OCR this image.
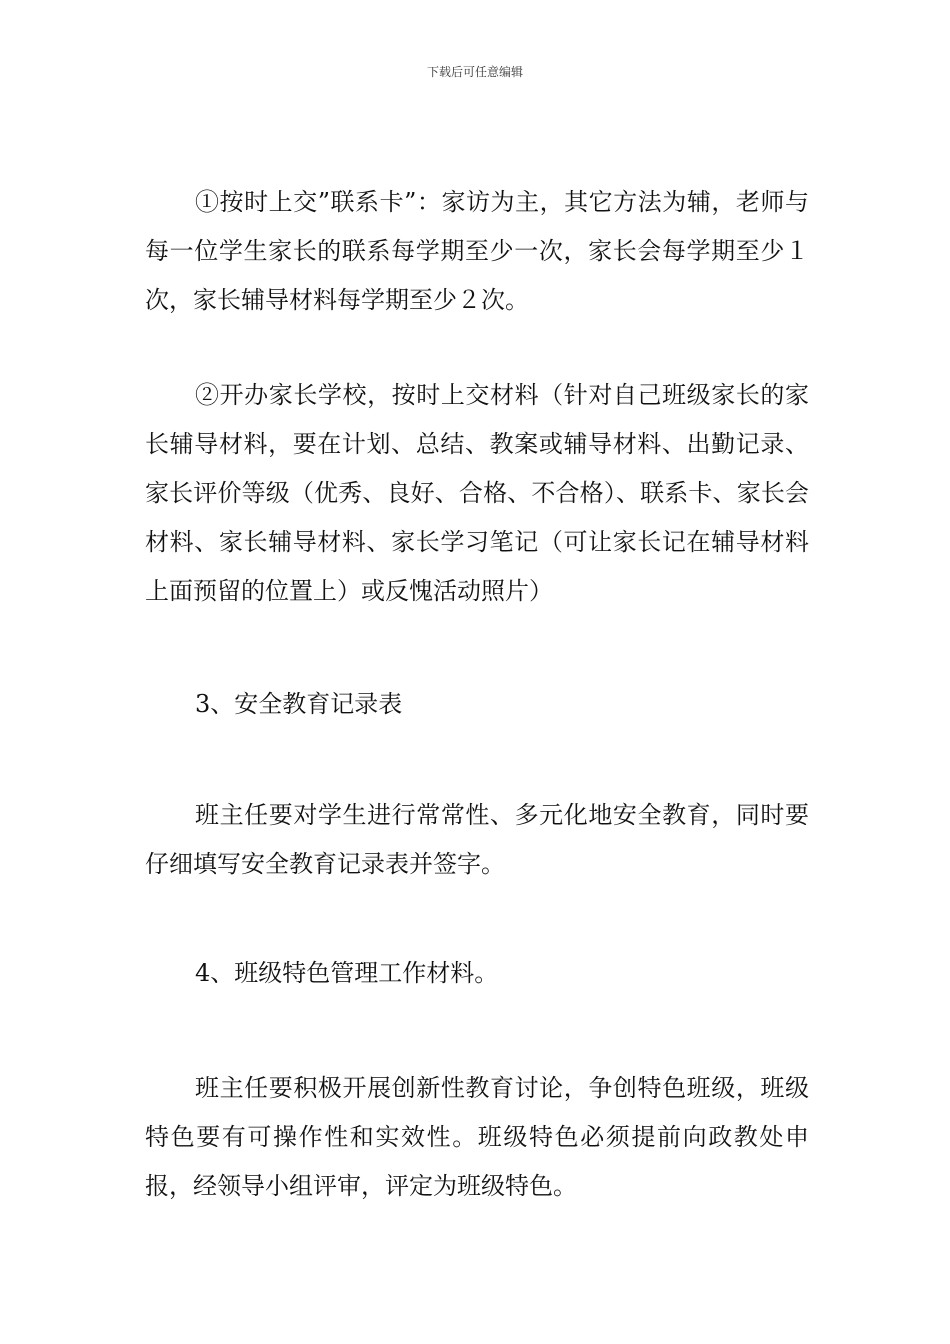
下载后可任意编辑

①按时上交”联系卡”：家访为主，其它方法为辅，老师与每一位学生家长的联系每学期至少一次，家长会每学期至少１次，家长辅导材料每学期至少２次。

②开办家长学校，按时上交材料（针对自己班级家长的家长辅导材料，要在计划、总结、教案或辅导材料、出勤记录、家长评价等级（优秀、良好、合格、不合格）、联系卡、家长会材料、家长辅导材料、家长学习笔记（可让家长记在辅导材料上面预留的位置上）或反愧活动照片）

3、安全教育记录表

班主任要对学生进行常常性、多元化地安全教育，同时要仔细填写安全教育记录表并签字。

4、班级特色管理工作材料。

班主任要积极开展创新性教育讨论，争创特色班级，班级特色要有可操作性和实效性。班级特色必须提前向政教处申报，经领导小组评审，评定为班级特色。
